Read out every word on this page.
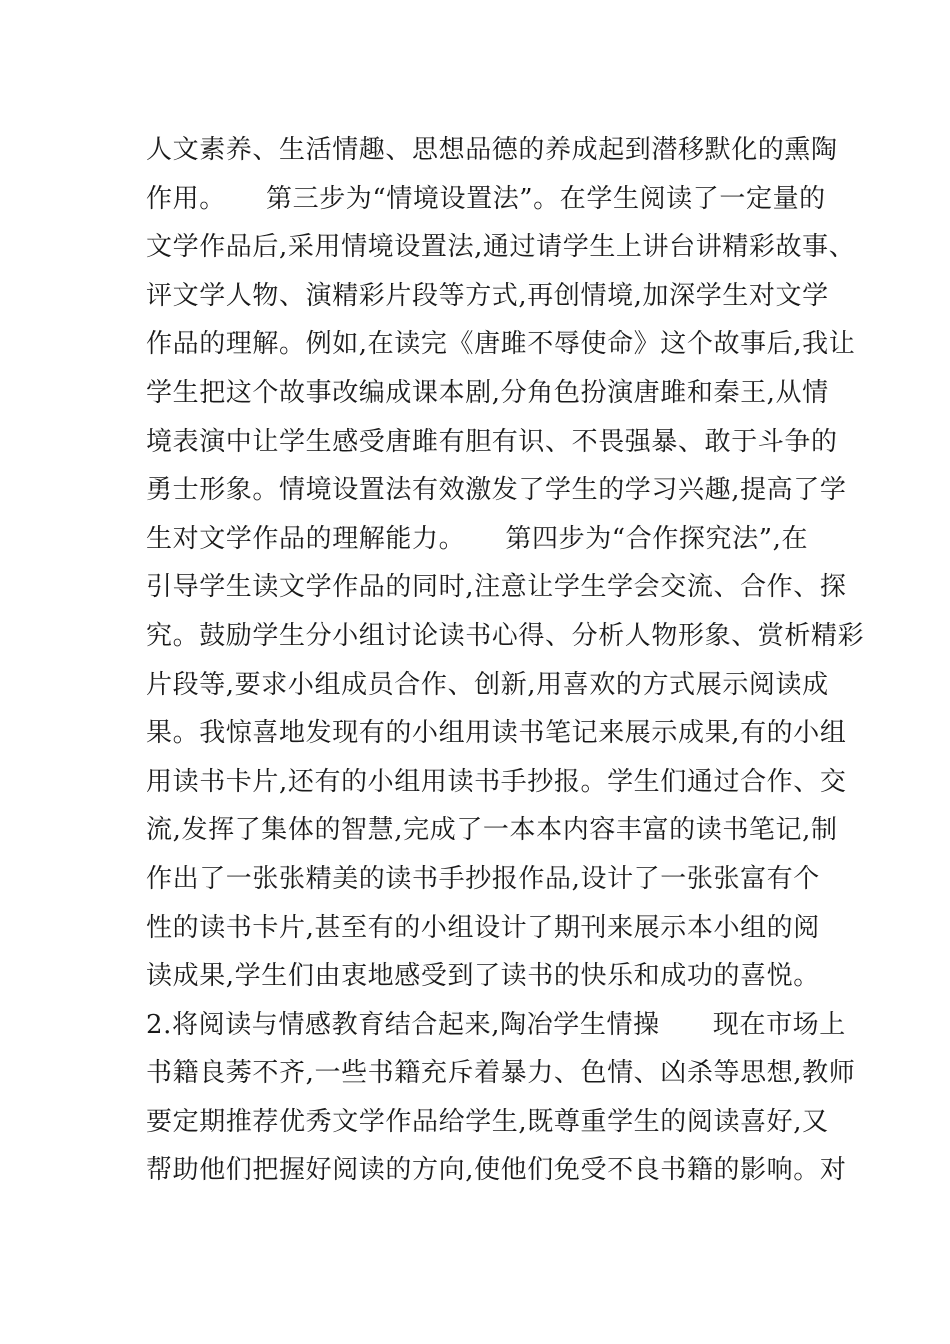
人文素养、生活情趣、思想品德的养成起到潜移默化的熏陶
作用。　　第三步为“情境设置法”。在学生阅读了一定量的
文学作品后,采用情境设置法,通过请学生上讲台讲精彩故事、
评文学人物、演精彩片段等方式,再创情境,加深学生对文学
作品的理解。例如,在读完《唐雎不辱使命》这个故事后,我让
学生把这个故事改编成课本剧,分角色扮演唐雎和秦王,从情
境表演中让学生感受唐雎有胆有识、不畏强暴、敢于斗争的
勇士形象。情境设置法有效激发了学生的学习兴趣,提高了学
生对文学作品的理解能力。　　第四步为“合作探究法”,在
引导学生读文学作品的同时,注意让学生学会交流、合作、探
究。鼓励学生分小组讨论读书心得、分析人物形象、赏析精彩
片段等,要求小组成员合作、创新,用喜欢的方式展示阅读成
果。我惊喜地发现有的小组用读书笔记来展示成果,有的小组
用读书卡片,还有的小组用读书手抄报。学生们通过合作、交
流,发挥了集体的智慧,完成了一本本内容丰富的读书笔记,制
作出了一张张精美的读书手抄报作品,设计了一张张富有个
性的读书卡片,甚至有的小组设计了期刊来展示本小组的阅
读成果,学生们由衷地感受到了读书的快乐和成功的喜悦。
2.将阅读与情感教育结合起来,陶冶学生情操　　现在市场上
书籍良莠不齐,一些书籍充斥着暴力、色情、凶杀等思想,教师
要定期推荐优秀文学作品给学生,既尊重学生的阅读喜好,又
帮助他们把握好阅读的方向,使他们免受不良书籍的影响。对
